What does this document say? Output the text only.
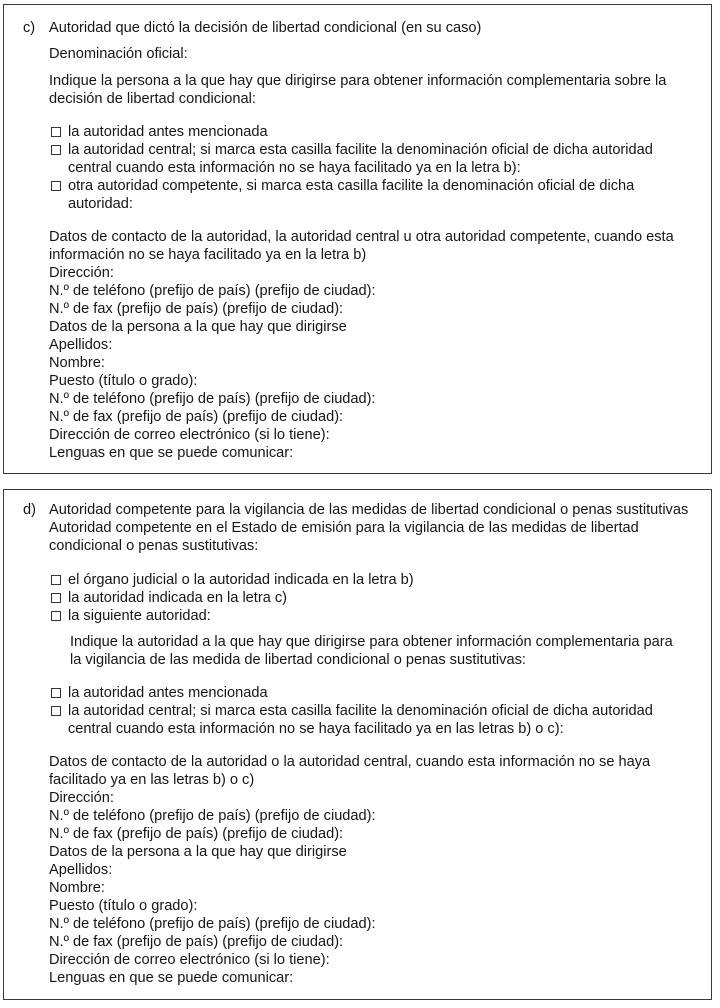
c) Autoridad que dictó la decisión de libertad condicional (en su caso)
Denominación oficial:
Indique la persona a la que hay que dirigirse para obtener información complementaria sobre la
decisión de libertad condicional:
la autoridad antes mencionada
la autoridad central; si marca esta casilla facilite la denominación oficial de dicha autoridad
central cuando esta información no se haya facilitado ya en la letra b):
otra autoridad competente, si marca esta casilla facilite la denominación oficial de dicha
autoridad:
Datos de contacto de la autoridad, la autoridad central u otra autoridad competente, cuando esta
información no se haya facilitado ya en la letra b)
Dirección:
N.º de teléfono (prefijo de país) (prefijo de ciudad):
N.º de fax (prefijo de país) (prefijo de ciudad):
Datos de la persona a la que hay que dirigirse
Apellidos:
Nombre:
Puesto (título o grado):
N.º de teléfono (prefijo de país) (prefijo de ciudad):
N.º de fax (prefijo de país) (prefijo de ciudad):
Dirección de correo electrónico (si lo tiene):
Lenguas en que se puede comunicar:
d) Autoridad competente para la vigilancia de las medidas de libertad condicional o penas sustitutivas
Autoridad competente en el Estado de emisión para la vigilancia de las medidas de libertad
condicional o penas sustitutivas:
el órgano judicial o la autoridad indicada en la letra b)
la autoridad indicada en la letra c)
la siguiente autoridad:
Indique la autoridad a la que hay que dirigirse para obtener información complementaria para
la vigilancia de las medida de libertad condicional o penas sustitutivas:
la autoridad antes mencionada
la autoridad central; si marca esta casilla facilite la denominación oficial de dicha autoridad
central cuando esta información no se haya facilitado ya en las letras b) o c):
Datos de contacto de la autoridad o la autoridad central, cuando esta información no se haya
facilitado ya en las letras b) o c)
Dirección:
N.º de teléfono (prefijo de país) (prefijo de ciudad):
N.º de fax (prefijo de país) (prefijo de ciudad):
Datos de la persona a la que hay que dirigirse
Apellidos:
Nombre:
Puesto (título o grado):
N.º de teléfono (prefijo de país) (prefijo de ciudad):
N.º de fax (prefijo de país) (prefijo de ciudad):
Dirección de correo electrónico (si lo tiene):
Lenguas en que se puede comunicar:
